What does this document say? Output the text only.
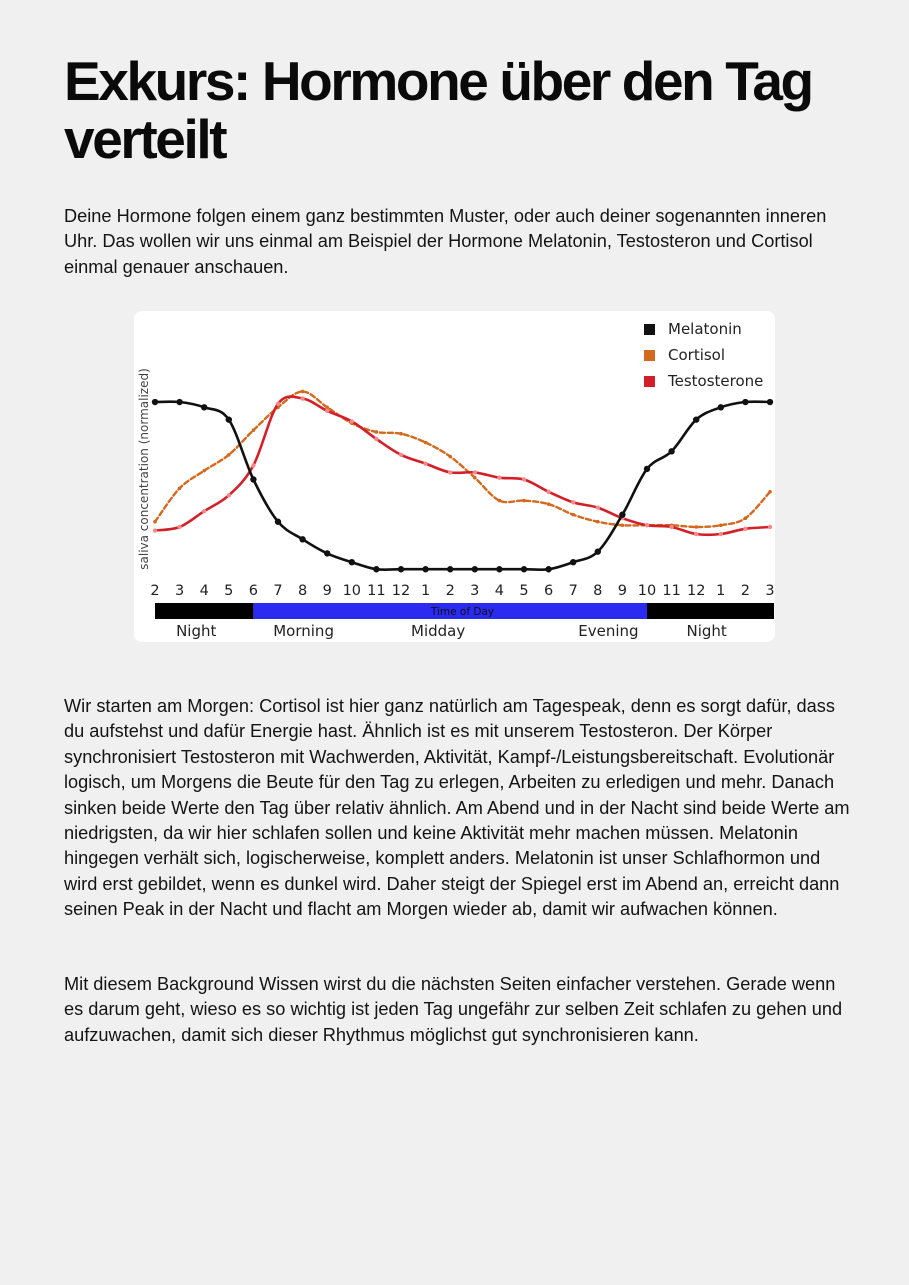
Exkurs: Hormone über den Tag verteilt

Deine Hormone folgen einem ganz bestimmten Muster, oder auch deiner sogenannten inneren Uhr. Das wollen wir uns einmal am Beispiel der Hormone Melatonin, Testosteron und Cortisol einmal genauer anschauen.

saliva concentration (normalized)
Melatonin
Cortisol
Testosterone
2 3 4 5 6 7 8 9 10 11 12 1 2 3 4 5 6 7 8 9 10 11 12 1 2 3
Time of Day
Night	Morning	Midday	Evening	Night

Wir starten am Morgen: Cortisol ist hier ganz natürlich am Tagespeak, denn es sorgt dafür, dass du aufstehst und dafür Energie hast. Ähnlich ist es mit unserem Testosteron. Der Körper synchronisiert Testosteron mit Wachwerden, Aktivität, Kampf-/Leistungsbereitschaft. Evolutionär logisch, um Morgens die Beute für den Tag zu erlegen, Arbeiten zu erledigen und mehr. Danach sinken beide Werte den Tag über relativ ähnlich. Am Abend und in der Nacht sind beide Werte am niedrigsten, da wir hier schlafen sollen und keine Aktivität mehr machen müssen. Melatonin hingegen verhält sich, logischerweise, komplett anders. Melatonin ist unser Schlafhormon und wird erst gebildet, wenn es dunkel wird. Daher steigt der Spiegel erst im Abend an, erreicht dann seinen Peak in der Nacht und flacht am Morgen wieder ab, damit wir aufwachen können.

Mit diesem Background Wissen wirst du die nächsten Seiten einfacher verstehen. Gerade wenn es darum geht, wieso es so wichtig ist jeden Tag ungefähr zur selben Zeit schlafen zu gehen und aufzuwachen, damit sich dieser Rhythmus möglichst gut synchronisieren kann.
